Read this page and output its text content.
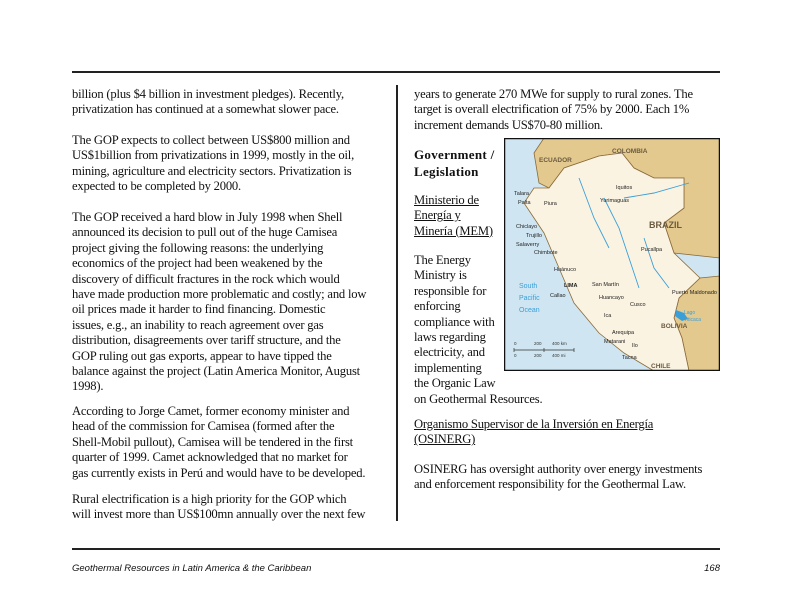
billion (plus $4 billion in investment pledges). Recently,
privatization has continued at a somewhat slower pace.
The GOP expects to collect between US$800 million and
US$1billion from privatizations in 1999, mostly in the oil,
mining, agriculture and electricity sectors. Privatization is
expected to be completed by 2000.
The GOP received a hard blow in July 1998 when Shell
announced its decision to pull out of the huge Camisea
project giving the following reasons: the underlying
economics of the project had been weakened by the
discovery of difficult fractures in the rock which would
have made production more problematic and costly; and low
oil prices made it harder to find financing. Domestic
issues, e.g., an inability to reach agreement over gas
distribution, disagreements over tariff structure, and the
GOP ruling out gas exports, appear to have tipped the
balance against the project (Latin America Monitor, August
1998).
According to Jorge Camet, former economy minister and
head of the commission for Camisea (formed after the
Shell-Mobil pullout), Camisea will be tendered in the first
quarter of 1999. Camet acknowledged that no market for
gas currently exists in Perú and would have to be developed.
Rural electrification is a high priority for the GOP which
will invest more than US$100mn annually over the next few
years to generate 270 MWe for supply to rural zones. The
target is overall electrification of 75% by 2000. Each 1%
increment demands US$70-80 million.
Government /
Legislation
Ministerio de
Energía y
Minería (MEM)
The Energy
Ministry is
responsible for
enforcing
compliance with
laws regarding
electricity, and
implementing
the Organic Law
on Geothermal Resources.
Organismo Supervisor de la Inversión en Energía
(OSINERG)
OSINERG has oversight authority over energy investments
and enforcement responsibility for the Geothermal Law.
ECUADOR
COLOMBIA
BRAZIL
BOLIVIA
CHILE
South
Pacific
Ocean
Talara
Paita Piura
Iquitos
Yurimaguas
Chiclayo
Trujillo
Salaverry
Chimbote	Pucallpa
Huánuco
LIMA
Callao
San Martín
Huancayo
Puerto Maldonado
Cusco
Ica
Arequipa
Matarani
Ilo
Tacna
Lago
Titicaca
0	200 400 km
0	200 400 mi
Geothermal Resources in Latin America & the Caribbean	168
